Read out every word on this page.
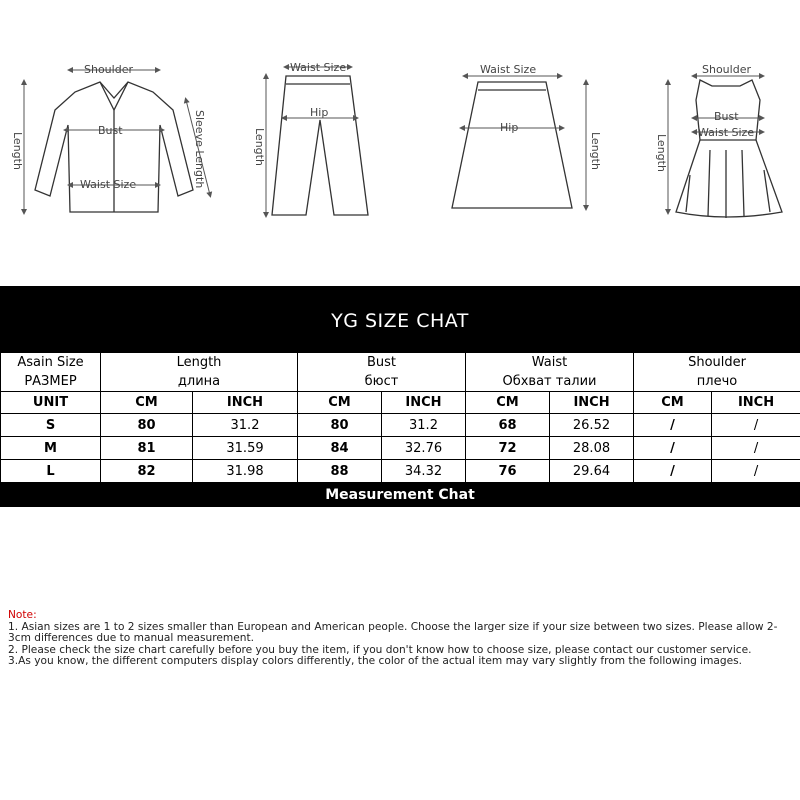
Shoulder
Bust
Waist Size
Length	Sleeve Length
Waist Size
Hip
Length
Waist Size
Hip
Length
Shoulder
Bust
Waist Size
Length
YG SIZE CHAT
Asain Size	Length		Bust		Waist		Shoulder	
РАЗМЕР	длина		бюст		Обхват талии		плечо	
UNIT	CM	INCH	CM	INCH	CM	INCH	CM	INCH
S	80	31.2	80	31.2	68	26.52	/	/
M	81	31.59	84	32.76	72	28.08	/	/
L	82	31.98	88	34.32	76	29.64	/	/
Measurement Chat

Note:

1. Asian sizes are 1 to 2 sizes smaller than European and American people. Choose the larger size if your size between two sizes. Please allow 2-3cm differences due to manual measurement.

2. Please check the size chart carefully before you buy the item, if you don't know how to choose size, please contact our customer service.

3.As you know, the different computers display colors differently, the color of the actual item may vary slightly from the following images.
